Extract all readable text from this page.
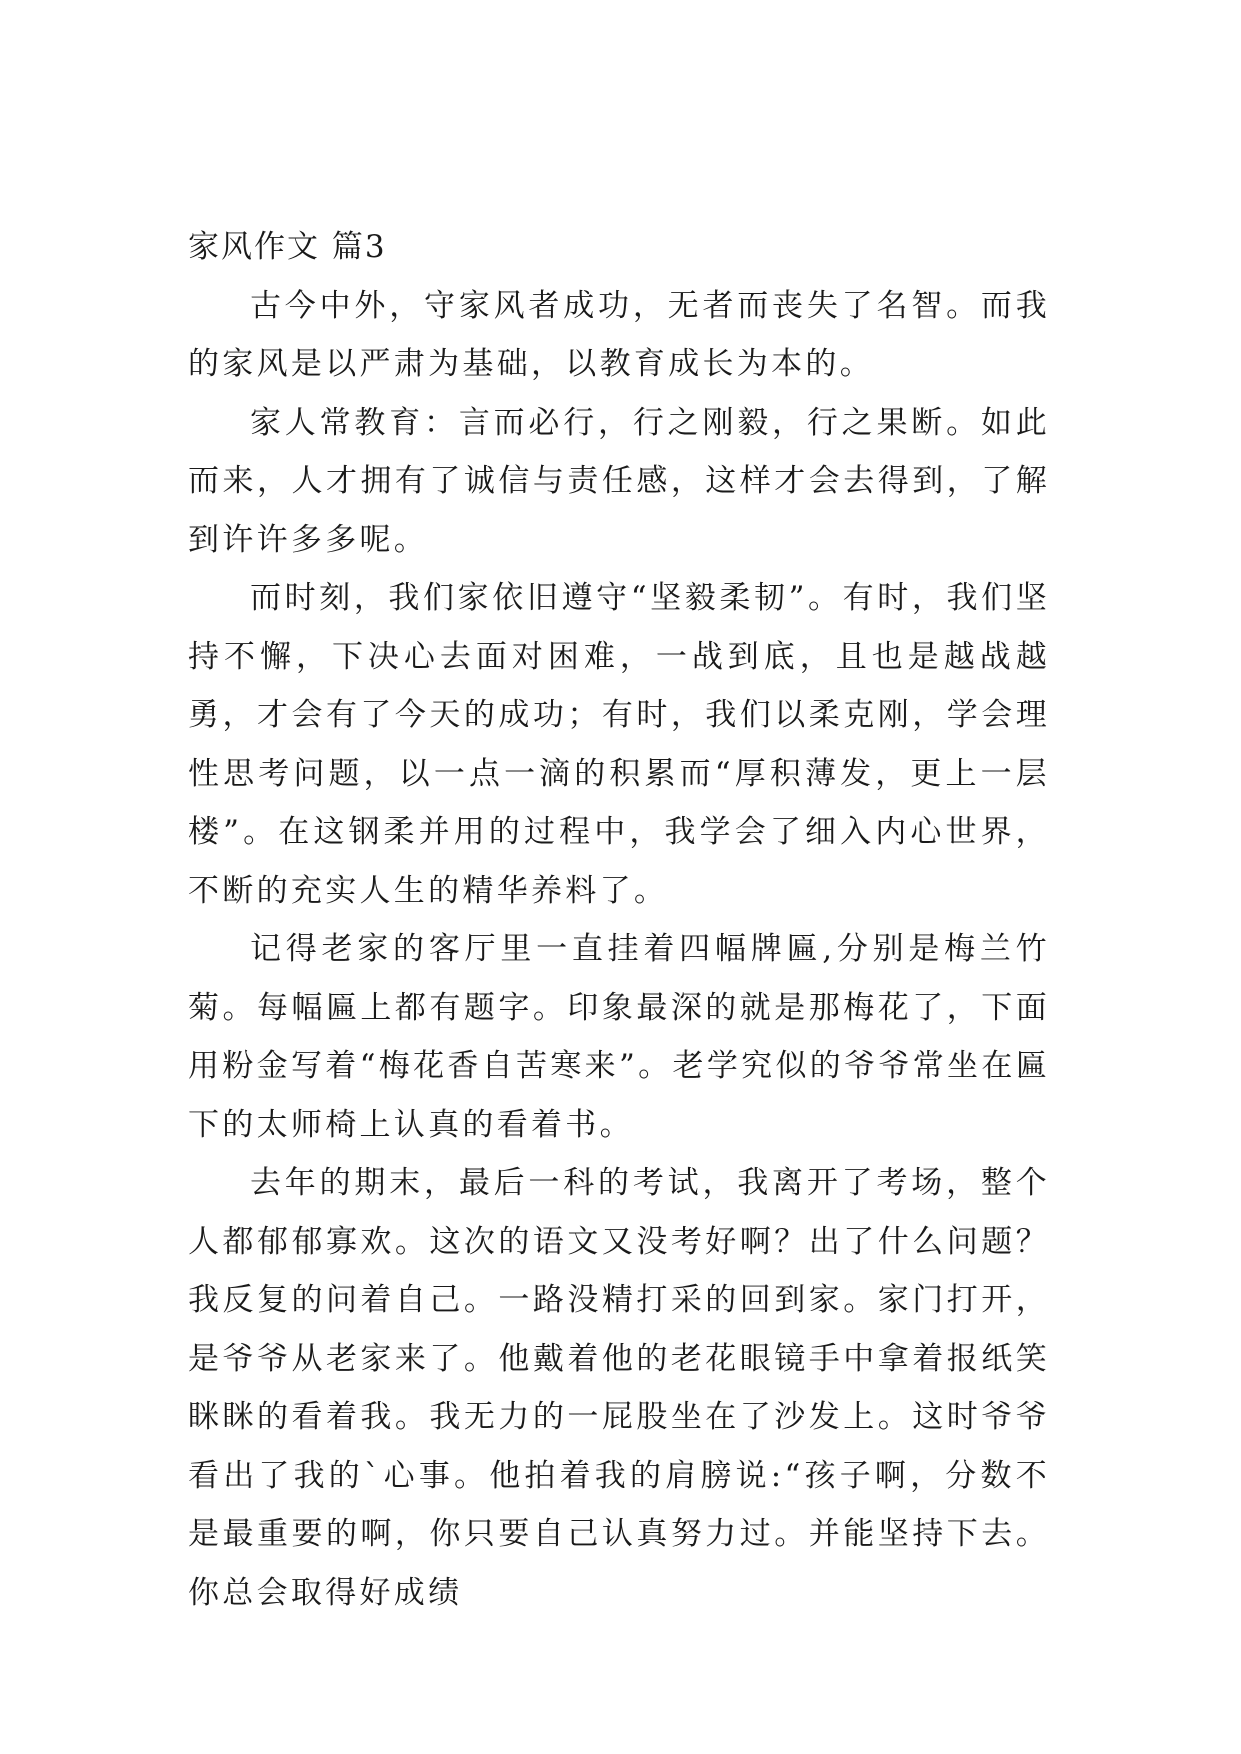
家风作文 篇3

古今中外，守家风者成功，无者而丧失了名智。而我的家风是以严肃为基础，以教育成长为本的。

家人常教育：言而必行，行之刚毅，行之果断。如此而来，人才拥有了诚信与责任感，这样才会去得到，了解到许许多多呢。

而时刻，我们家依旧遵守“坚毅柔韧”。有时，我们坚持不懈，下决心去面对困难，一战到底，且也是越战越勇，才会有了今天的成功；有时，我们以柔克刚，学会理性思考问题，以一点一滴的积累而“厚积薄发，更上一层楼”。在这钢柔并用的过程中，我学会了细入内心世界，不断的充实人生的精华养料了。

记得老家的客厅里一直挂着四幅牌匾,分别是梅兰竹菊。每幅匾上都有题字。印象最深的就是那梅花了，下面用粉金写着“梅花香自苦寒来”。老学究似的爷爷常坐在匾下的太师椅上认真的看着书。

去年的期末，最后一科的考试，我离开了考场，整个人都郁郁寡欢。这次的语文又没考好啊？出了什么问题？我反复的问着自己。一路没精打采的回到家。家门打开，是爷爷从老家来了。他戴着他的老花眼镜手中拿着报纸笑眯眯的看着我。我无力的一屁股坐在了沙发上。这时爷爷看出了我的`心事。他拍着我的肩膀说:“孩子啊，分数不是最重要的啊，你只要自己认真努力过。并能坚持下去。你总会取得好成绩
